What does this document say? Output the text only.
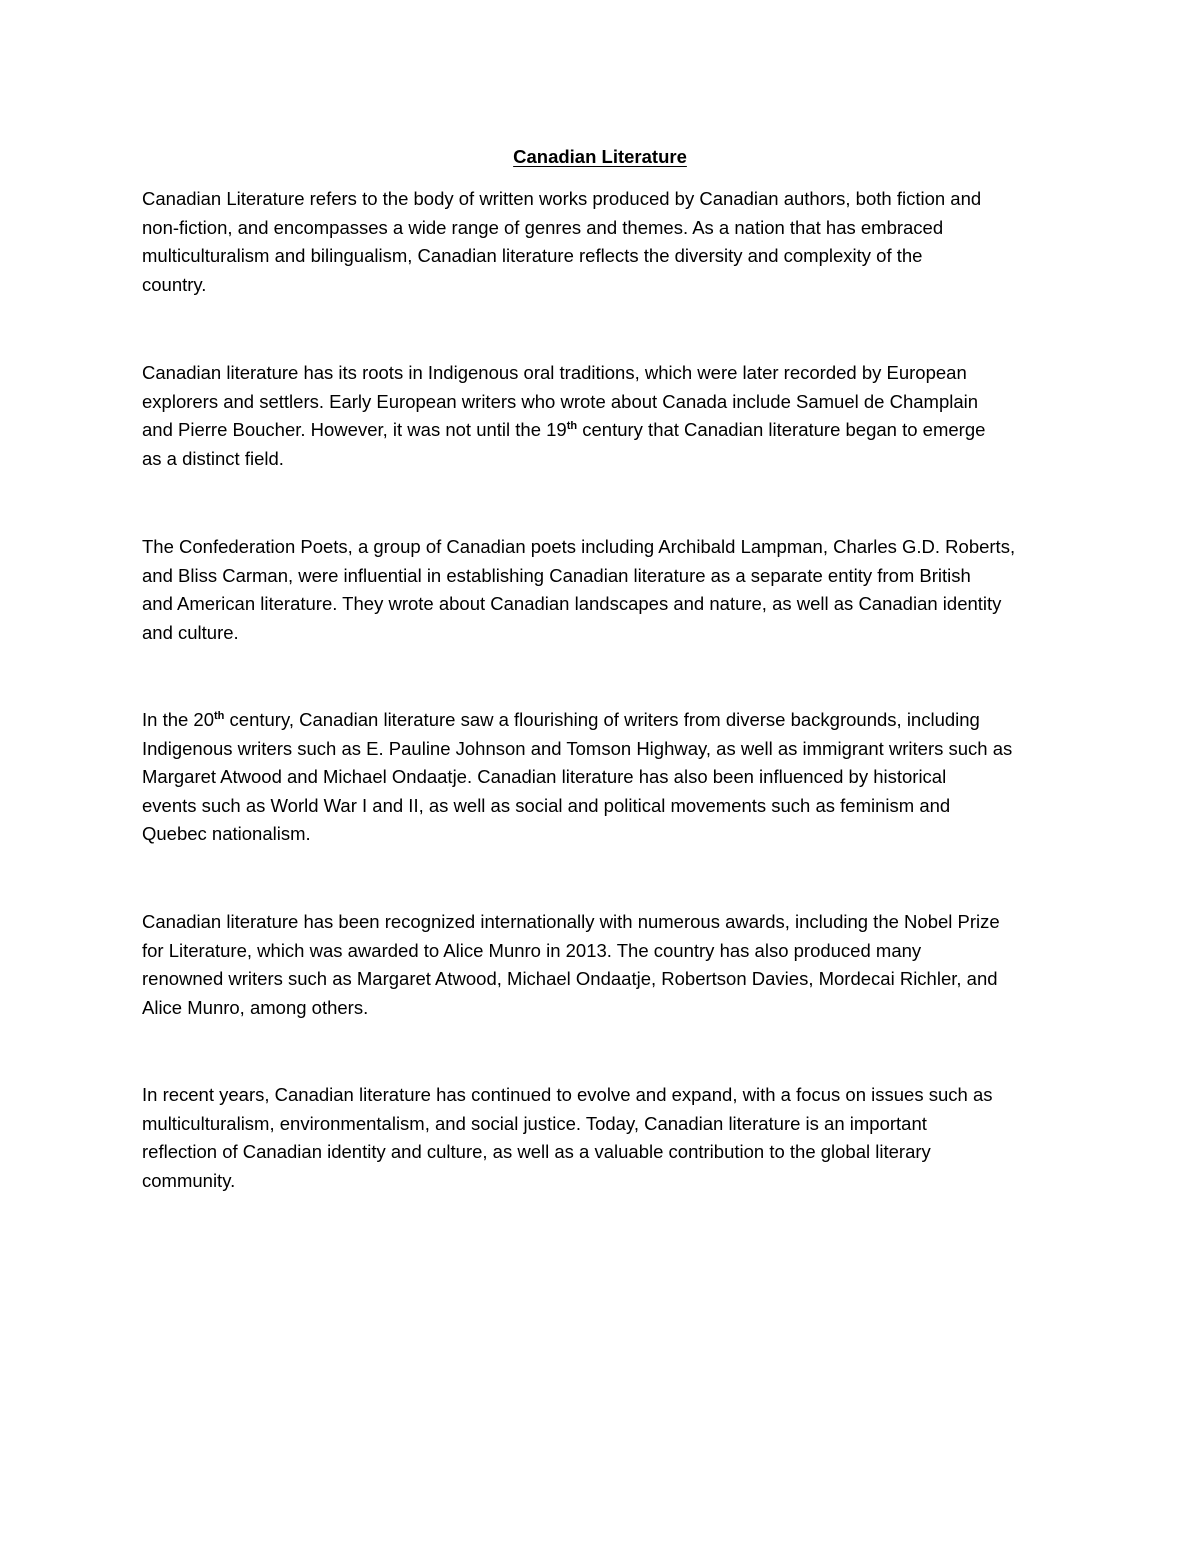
Canadian Literature

Canadian Literature refers to the body of written works produced by Canadian authors, both fiction and
non-fiction, and encompasses a wide range of genres and themes. As a nation that has embraced
multiculturalism and bilingualism, Canadian literature reflects the diversity and complexity of the
country.

Canadian literature has its roots in Indigenous oral traditions, which were later recorded by European
explorers and settlers. Early European writers who wrote about Canada include Samuel de Champlain
and Pierre Boucher. However, it was not until the 19th century that Canadian literature began to emerge
as a distinct field.

The Confederation Poets, a group of Canadian poets including Archibald Lampman, Charles G.D. Roberts,
and Bliss Carman, were influential in establishing Canadian literature as a separate entity from British
and American literature. They wrote about Canadian landscapes and nature, as well as Canadian identity
and culture.

In the 20th century, Canadian literature saw a flourishing of writers from diverse backgrounds, including
Indigenous writers such as E. Pauline Johnson and Tomson Highway, as well as immigrant writers such as
Margaret Atwood and Michael Ondaatje. Canadian literature has also been influenced by historical
events such as World War I and II, as well as social and political movements such as feminism and
Quebec nationalism.

Canadian literature has been recognized internationally with numerous awards, including the Nobel Prize
for Literature, which was awarded to Alice Munro in 2013. The country has also produced many
renowned writers such as Margaret Atwood, Michael Ondaatje, Robertson Davies, Mordecai Richler, and
Alice Munro, among others.

In recent years, Canadian literature has continued to evolve and expand, with a focus on issues such as
multiculturalism, environmentalism, and social justice. Today, Canadian literature is an important
reflection of Canadian identity and culture, as well as a valuable contribution to the global literary
community.
